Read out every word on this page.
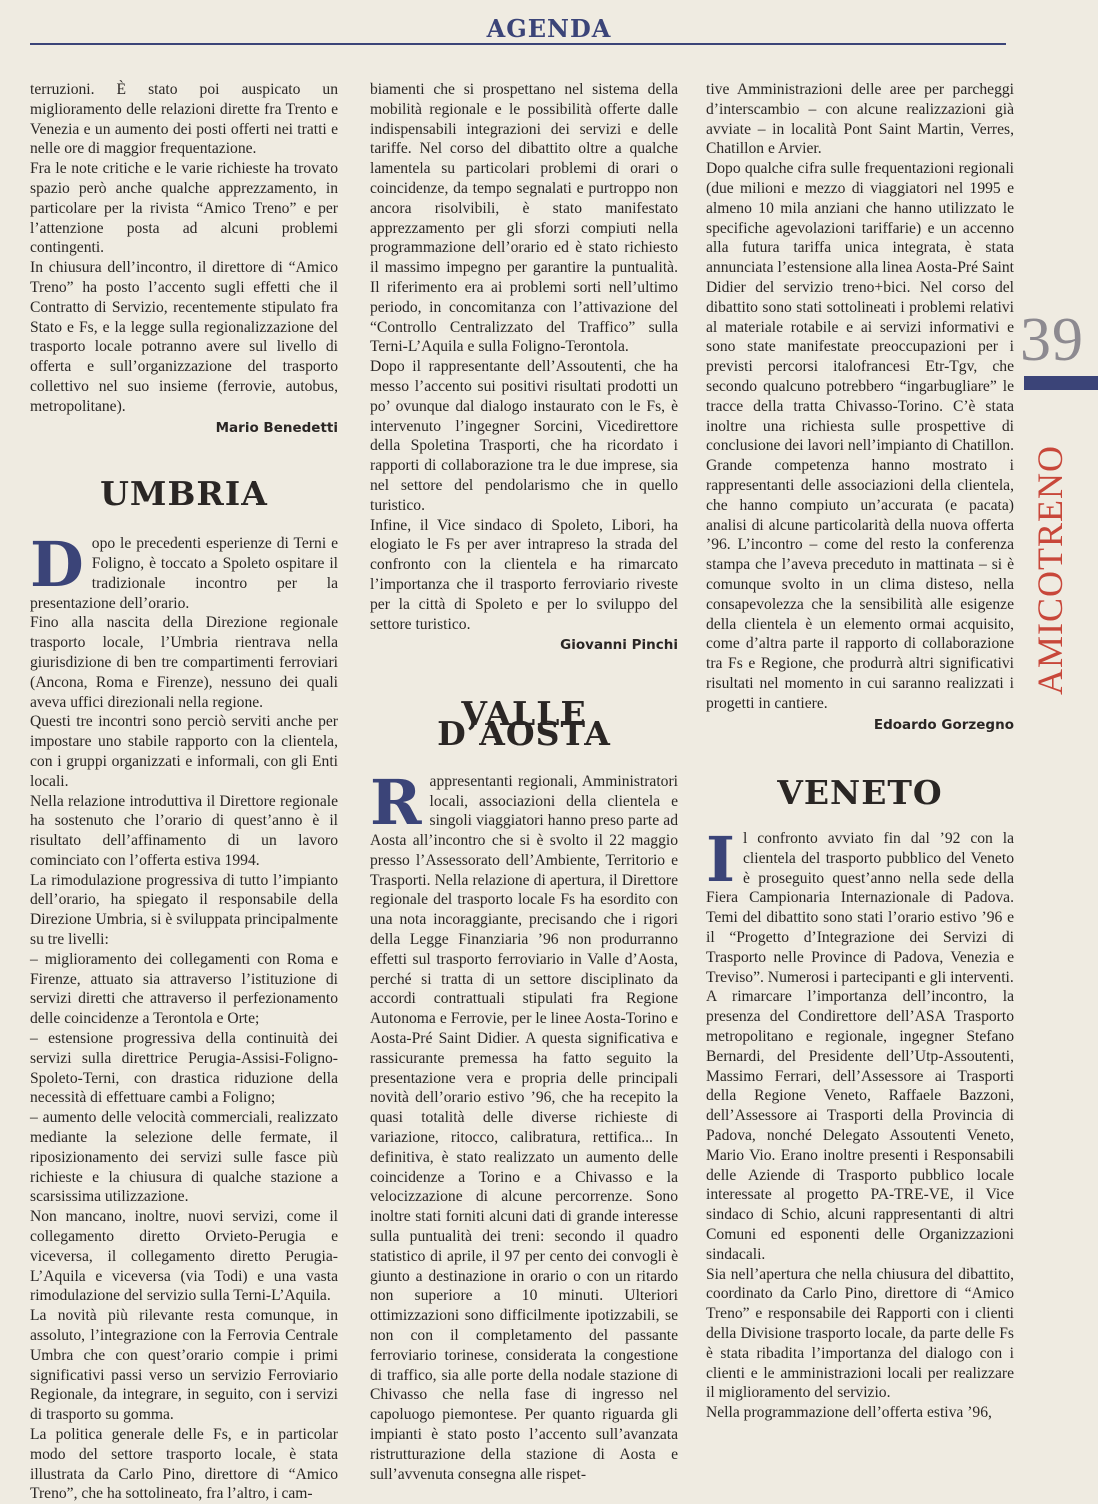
AGENDA
39
AMICOTRENO

terruzioni. È stato poi auspicato un miglioramento delle relazioni dirette fra Trento e Venezia e un aumento dei posti offerti nei tratti e nelle ore di maggior frequentazione.

Fra le note critiche e le varie richieste ha trovato spazio però anche qualche apprezzamento, in particolare per la rivista “Amico Treno” e per l’attenzione posta ad alcuni problemi contingenti.

In chiusura dell’incontro, il direttore di “Amico Treno” ha posto l’accento sugli effetti che il Contratto di Servizio, recentemente stipulato fra Stato e Fs, e la legge sulla regionalizzazione del trasporto locale potranno avere sul livello di offerta e sull’organizzazione del trasporto collettivo nel suo insieme (ferrovie, autobus, metropolitane).

Mario Benedetti
UMBRIA

Dopo le precedenti esperienze di Terni e Foligno, è toccato a Spoleto ospitare il tradizionale incontro per la presentazione dell’orario.

Fino alla nascita della Direzione regionale trasporto locale, l’Umbria rientrava nella giurisdizione di ben tre compartimenti ferroviari (Ancona, Roma e Firenze), nessuno dei quali aveva uffici direzionali nella regione.

Questi tre incontri sono perciò serviti anche per impostare uno stabile rapporto con la clientela, con i gruppi organizzati e informali, con gli Enti locali.

Nella relazione introduttiva il Direttore regionale ha sostenuto che l’orario di quest’anno è il risultato dell’affinamento di un lavoro cominciato con l’offerta estiva 1994.

La rimodulazione progressiva di tutto l’impianto dell’orario, ha spiegato il responsabile della Direzione Umbria, si è sviluppata principalmente su tre livelli:

– miglioramento dei collegamenti con Roma e Firenze, attuato sia attraverso l’istituzione di servizi diretti che attraverso il perfezionamento delle coincidenze a Terontola e Orte;

– estensione progressiva della continuità dei servizi sulla direttrice Perugia-Assisi-Foligno-Spoleto-Terni, con drastica riduzione della necessità di effettuare cambi a Foligno;

– aumento delle velocità commerciali, realizzato mediante la selezione delle fermate, il riposizionamento dei servizi sulle fasce più richieste e la chiusura di qualche stazione a scarsissima utilizzazione.

Non mancano, inoltre, nuovi servizi, come il collegamento diretto Orvieto-Perugia e viceversa, il collegamento diretto Perugia-L’Aquila e viceversa (via Todi) e una vasta rimodulazione del servizio sulla Terni-L’Aquila.

La novità più rilevante resta comunque, in assoluto, l’integrazione con la Ferrovia Centrale Umbra che con quest’orario compie i primi significativi passi verso un servizio Ferroviario Regionale, da integrare, in seguito, con i servizi di trasporto su gomma.

La politica generale delle Fs, e in particolar modo del settore trasporto locale, è stata illustrata da Carlo Pino, direttore di “Amico Treno”, che ha sottolineato, fra l’altro, i cam-

biamenti che si prospettano nel sistema della mobilità regionale e le possibilità offerte dalle indispensabili integrazioni dei servizi e delle tariffe. Nel corso del dibattito oltre a qualche lamentela su particolari problemi di orari o coincidenze, da tempo segnalati e purtroppo non ancora risolvibili, è stato manifestato apprezzamento per gli sforzi compiuti nella programmazione dell’orario ed è stato richiesto il massimo impegno per garantire la puntualità. Il riferimento era ai problemi sorti nell’ultimo periodo, in concomitanza con l’attivazione del “Controllo Centralizzato del Traffico” sulla Terni-L’Aquila e sulla Foligno-Terontola.

Dopo il rappresentante dell’Assoutenti, che ha messo l’accento sui positivi risultati prodotti un po’ ovunque dal dialogo instaurato con le Fs, è intervenuto l’ingegner Sorcini, Vicedirettore della Spoletina Trasporti, che ha ricordato i rapporti di collaborazione tra le due imprese, sia nel settore del pendolarismo che in quello turistico.

Infine, il Vice sindaco di Spoleto, Libori, ha elogiato le Fs per aver intrapreso la strada del confronto con la clientela e ha rimarcato l’importanza che il trasporto ferroviario riveste per la città di Spoleto e per lo sviluppo del settore turistico.

Giovanni Pinchi
VALLE D’AOSTA

Rappresentanti regionali, Amministratori locali, associazioni della clientela e singoli viaggiatori hanno preso parte ad Aosta all’incontro che si è svolto il 22 maggio presso l’Assessorato dell’Ambiente, Territorio e Trasporti. Nella relazione di apertura, il Direttore regionale del trasporto locale Fs ha esordito con una nota incoraggiante, precisando che i rigori della Legge Finanziaria ’96 non produrranno effetti sul trasporto ferroviario in Valle d’Aosta, perché si tratta di un settore disciplinato da accordi contrattuali stipulati fra Regione Autonoma e Ferrovie, per le linee Aosta-Torino e Aosta-Pré Saint Didier. A questa significativa e rassicurante premessa ha fatto seguito la presentazione vera e propria delle principali novità dell’orario estivo ’96, che ha recepito la quasi totalità delle diverse richieste di variazione, ritocco, calibratura, rettifica... In definitiva, è stato realizzato un aumento delle coincidenze a Torino e a Chivasso e la velocizzazione di alcune percorrenze. Sono inoltre stati forniti alcuni dati di grande interesse sulla puntualità dei treni: secondo il quadro statistico di aprile, il 97 per cento dei convogli è giunto a destinazione in orario o con un ritardo non superiore a 10 minuti. Ulteriori ottimizzazioni sono difficilmente ipotizzabili, se non con il completamento del passante ferroviario torinese, considerata la congestione di traffico, sia alle porte della nodale stazione di Chivasso che nella fase di ingresso nel capoluogo piemontese. Per quanto riguarda gli impianti è stato posto l’accento sull’avanzata ristrutturazione della stazione di Aosta e sull’avvenuta consegna alle rispet-

tive Amministrazioni delle aree per parcheggi d’interscambio – con alcune realizzazioni già avviate – in località Pont Saint Martin, Verres, Chatillon e Arvier.

Dopo qualche cifra sulle frequentazioni regionali (due milioni e mezzo di viaggiatori nel 1995 e almeno 10 mila anziani che hanno utilizzato le specifiche agevolazioni tariffarie) e un accenno alla futura tariffa unica integrata, è stata annunciata l’estensione alla linea Aosta-Pré Saint Didier del servizio treno+bici. Nel corso del dibattito sono stati sottolineati i problemi relativi al materiale rotabile e ai servizi informativi e sono state manifestate preoccupazioni per i previsti percorsi italofrancesi Etr-Tgv, che secondo qualcuno potrebbero “ingarbugliare” le tracce della tratta Chivasso-Torino. C’è stata inoltre una richiesta sulle prospettive di conclusione dei lavori nell’impianto di Chatillon. Grande competenza hanno mostrato i rappresentanti delle associazioni della clientela, che hanno compiuto un’accurata (e pacata) analisi di alcune particolarità della nuova offerta ’96. L’incontro – come del resto la conferenza stampa che l’aveva preceduto in mattinata – si è comunque svolto in un clima disteso, nella consapevolezza che la sensibilità alle esigenze della clientela è un elemento ormai acquisito, come d’altra parte il rapporto di collaborazione tra Fs e Regione, che produrrà altri significativi risultati nel momento in cui saranno realizzati i progetti in cantiere.

Edoardo Gorzegno
VENETO

Il confronto avviato fin dal ’92 con la clientela del trasporto pubblico del Veneto è proseguito quest’anno nella sede della Fiera Campionaria Internazionale di Padova. Temi del dibattito sono stati l’orario estivo ’96 e il “Progetto d’Integrazione dei Servizi di Trasporto nelle Province di Padova, Venezia e Treviso”. Numerosi i partecipanti e gli interventi.

A rimarcare l’importanza dell’incontro, la presenza del Condirettore dell’ASA Trasporto metropolitano e regionale, ingegner Stefano Bernardi, del Presidente dell’Utp-Assoutenti, Massimo Ferrari, dell’Assessore ai Trasporti della Regione Veneto, Raffaele Bazzoni, dell’Assessore ai Trasporti della Provincia di Padova, nonché Delegato Assoutenti Veneto, Mario Vio. Erano inoltre presenti i Responsabili delle Aziende di Trasporto pubblico locale interessate al progetto PA-TRE-VE, il Vice sindaco di Schio, alcuni rappresentanti di altri Comuni ed esponenti delle Organizzazioni sindacali.

Sia nell’apertura che nella chiusura del dibattito, coordinato da Carlo Pino, direttore di “Amico Treno” e responsabile dei Rapporti con i clienti della Divisione trasporto locale, da parte delle Fs è stata ribadita l’importanza del dialogo con i clienti e le amministrazioni locali per realizzare il miglioramento del servizio.

Nella programmazione dell’offerta estiva ’96,
